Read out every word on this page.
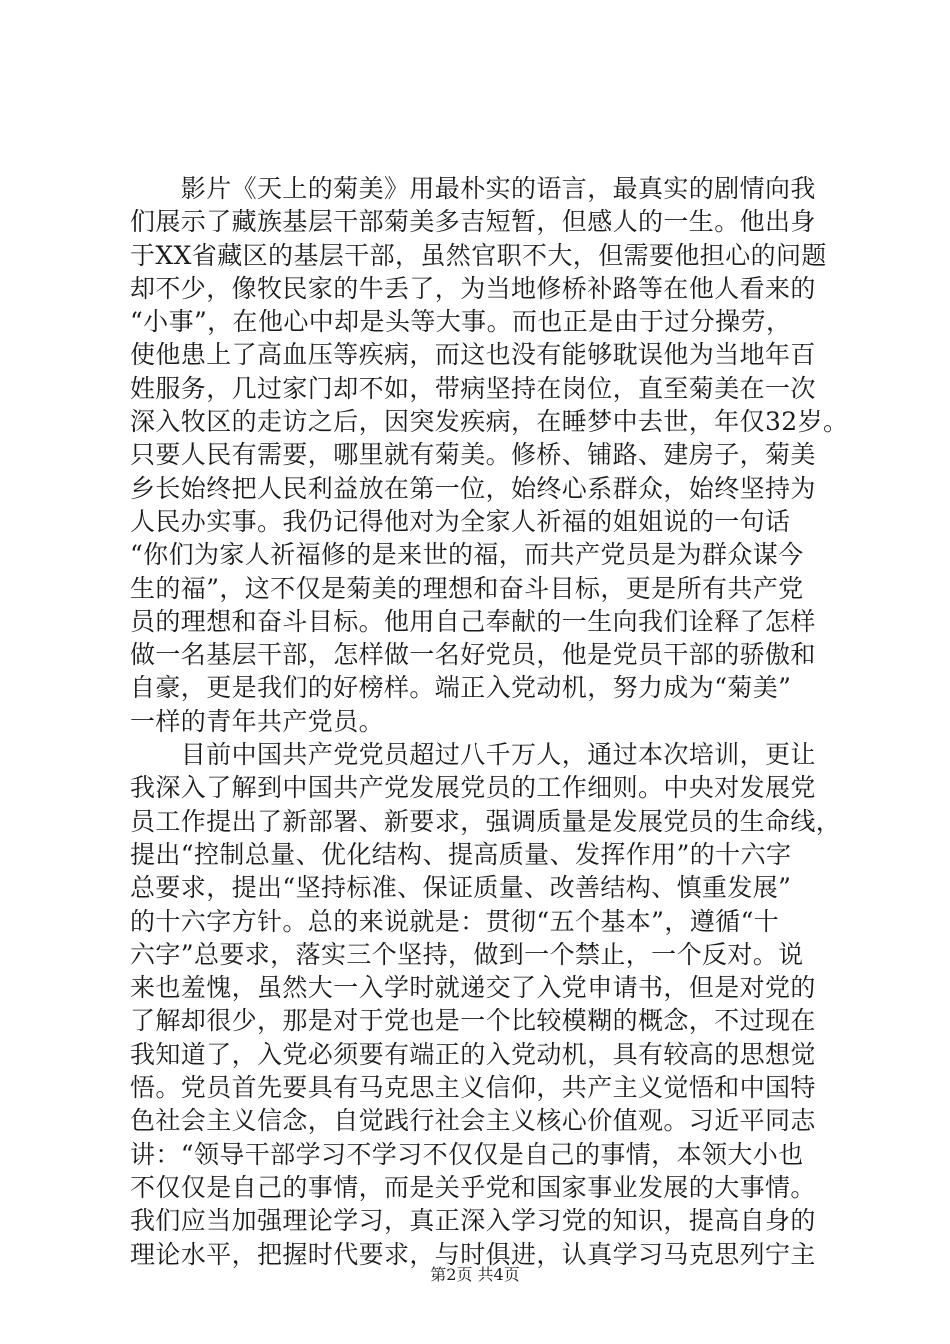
　　影片《天上的菊美》用最朴实的语言，最真实的剧情向我
们展示了藏族基层干部菊美多吉短暂，但感人的一生。他出身
于XX省藏区的基层干部，虽然官职不大，但需要他担心的问题
却不少，像牧民家的牛丢了，为当地修桥补路等在他人看来的
“小事”，在他心中却是头等大事。而也正是由于过分操劳，
使他患上了高血压等疾病，而这也没有能够耽误他为当地年百
姓服务，几过家门却不如，带病坚持在岗位，直至菊美在一次
深入牧区的走访之后，因突发疾病，在睡梦中去世，年仅32岁。
只要人民有需要，哪里就有菊美。修桥、铺路、建房子，菊美
乡长始终把人民利益放在第一位，始终心系群众，始终坚持为
人民办实事。我仍记得他对为全家人祈福的姐姐说的一句话
“你们为家人祈福修的是来世的福，而共产党员是为群众谋今
生的福”，这不仅是菊美的理想和奋斗目标，更是所有共产党
员的理想和奋斗目标。他用自己奉献的一生向我们诠释了怎样
做一名基层干部，怎样做一名好党员，他是党员干部的骄傲和
自豪，更是我们的好榜样。端正入党动机，努力成为“菊美”
一样的青年共产党员。
　　目前中国共产党党员超过八千万人，通过本次培训，更让
我深入了解到中国共产党发展党员的工作细则。中央对发展党
员工作提出了新部署、新要求，强调质量是发展党员的生命线，
提出“控制总量、优化结构、提高质量、发挥作用”的十六字
总要求，提出“坚持标准、保证质量、改善结构、慎重发展”
的十六字方针。总的来说就是：贯彻“五个基本”，遵循“十
六字”总要求，落实三个坚持，做到一个禁止，一个反对。说
来也羞愧，虽然大一入学时就递交了入党申请书，但是对党的
了解却很少，那是对于党也是一个比较模糊的概念，不过现在
我知道了，入党必须要有端正的入党动机，具有较高的思想觉
悟。党员首先要具有马克思主义信仰，共产主义觉悟和中国特
色社会主义信念，自觉践行社会主义核心价值观。习近平同志
讲：“领导干部学习不学习不仅仅是自己的事情，本领大小也
不仅仅是自己的事情，而是关乎党和国家事业发展的大事情。
我们应当加强理论学习，真正深入学习党的知识，提高自身的
理论水平，把握时代要求，与时俱进，认真学习马克思列宁主
第2页 共4页
